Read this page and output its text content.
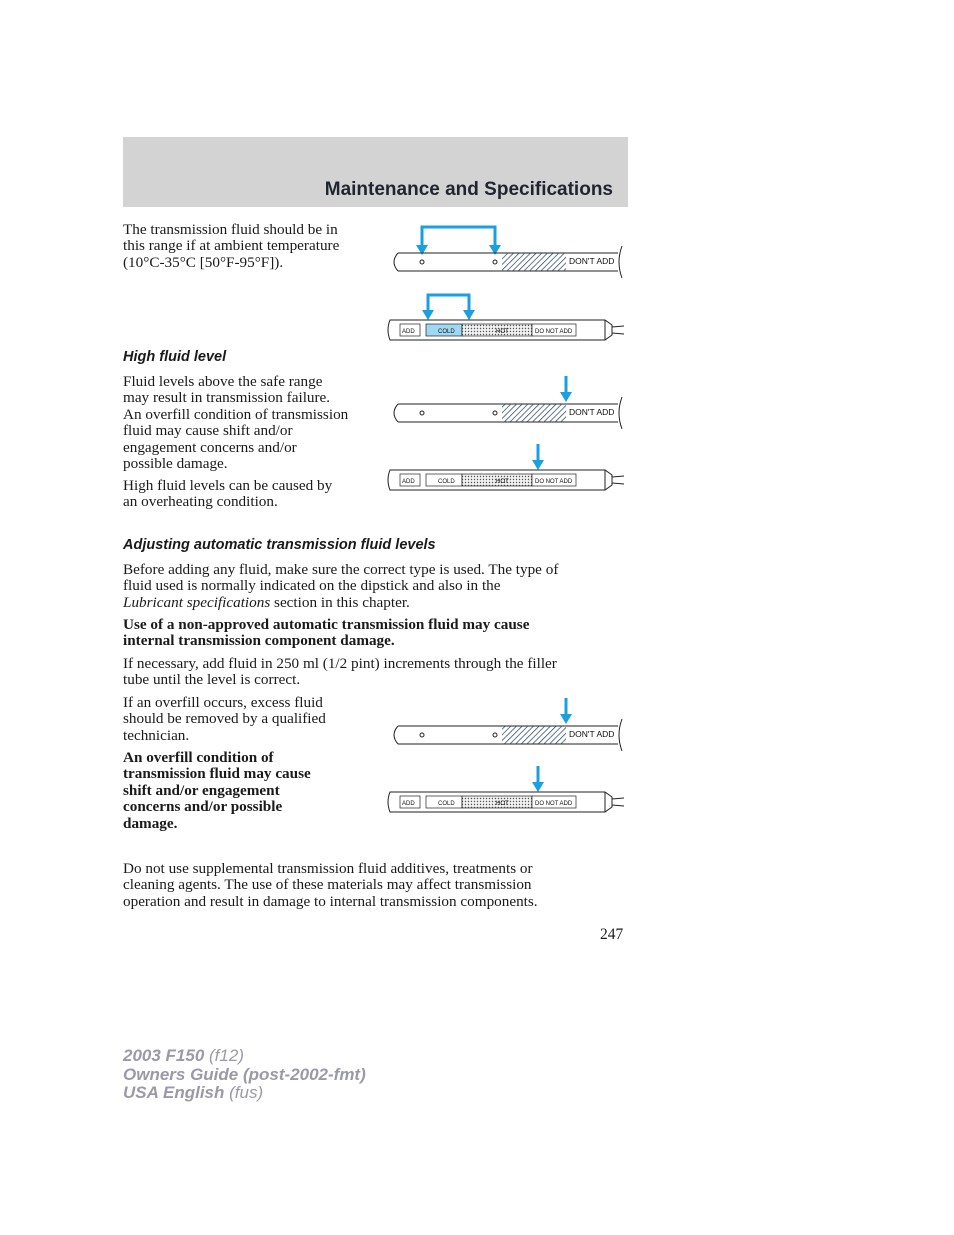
Maintenance and Specifications

The transmission fluid should be in
this range if at ambient temperature
(10°C-35°C [50°F-95°F]).	DON'T ADD
ADD	COLD	HOT	DO NOT ADD
High fluid level

Fluid levels above the safe range
may result in transmission failure.
An overfill condition of transmission
fluid may cause shift and/or
engagement concerns and/or
possible damage.

High fluid levels can be caused by
an overheating condition.

DON'T ADD
ADD	COLD	HOT	DO NOT ADD
Adjusting automatic transmission fluid levels

Before adding any fluid, make sure the correct type is used. The type of
fluid used is normally indicated on the dipstick and also in the
Lubricant specifications section in this chapter.

Use of a non-approved automatic transmission fluid may cause
internal transmission component damage.

If necessary, add fluid in 250 ml (1/2 pint) increments through the filler
tube until the level is correct.

If an overfill occurs, excess fluid
should be removed by a qualified
technician.

An overfill condition of
transmission fluid may cause
shift and/or engagement
concerns and/or possible
damage.

DON'T ADD
ADD	COLD	HOT	DO NOT ADD

Do not use supplemental transmission fluid additives, treatments or
cleaning agents. The use of these materials may affect transmission
operation and result in damage to internal transmission components.

247

2003 F150 (f12)
Owners Guide (post-2002-fmt)
USA English (fus)
